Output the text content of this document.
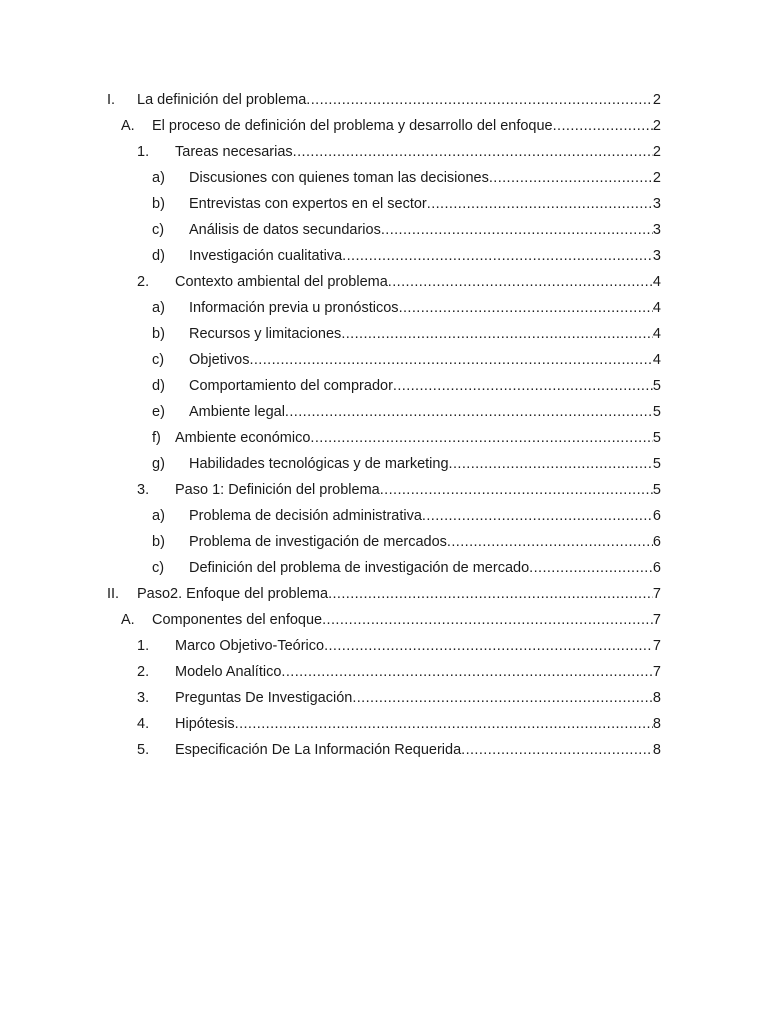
I. La definición del problema .....	2
A. El proceso de definición del problema y desarrollo del enfoque .....	2
1. Tareas necesarias .....	2
a) Discusiones con quienes toman las decisiones .....	2
b) Entrevistas con expertos en el sector .....	3
c) Análisis de datos secundarios .....	3
d) Investigación cualitativa .....	3
2. Contexto ambiental del problema .....	4
a) Información previa u pronósticos .....	4
b) Recursos y limitaciones .....	4
c) Objetivos .....	4
d) Comportamiento del comprador .....	5
e) Ambiente legal .....	5
f) Ambiente económico .....	5
g) Habilidades tecnológicas y de marketing .....	5
3. Paso 1: Definición del problema .....	5
a) Problema de decisión administrativa .....	6
b) Problema de investigación de mercados .....	6
c) Definición del problema de investigación de mercado .....	6
II. Paso2. Enfoque del problema .....	7
A. Componentes del enfoque .....	7
1. Marco Objetivo-Teórico .....	7
2. Modelo Analítico .....	7
3. Preguntas De Investigación .....	8
4. Hipótesis .....	8
5. Especificación De La Información Requerida .....	8
